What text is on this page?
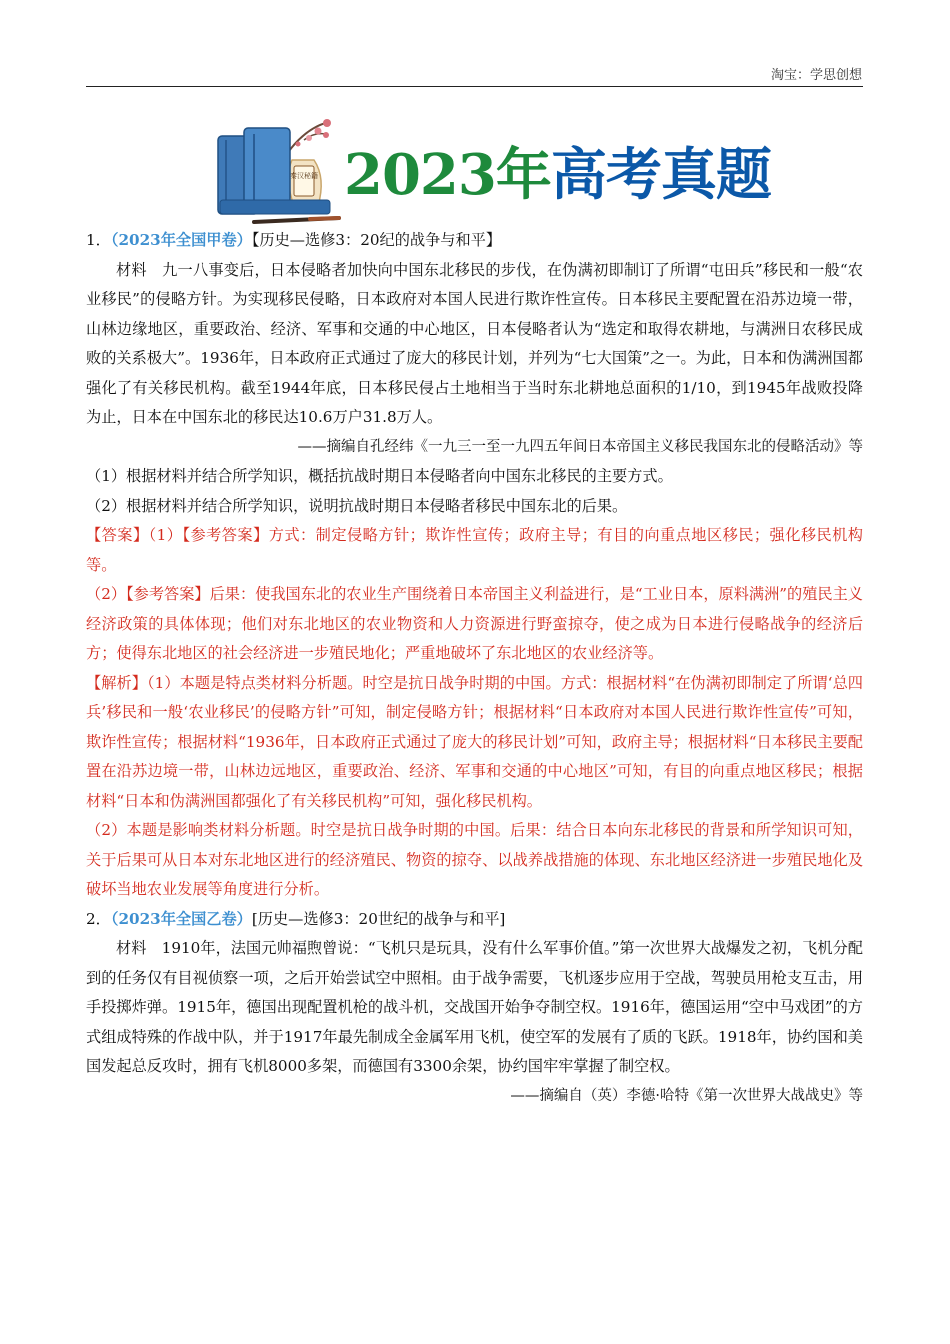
淘宝：学思创想
秦汉秘籍 2023年高考真题

1．（2023年全国甲卷）【历史—选修3：20纪的战争与和平】

材料　九一八事变后，日本侵略者加快向中国东北移民的步伐，在伪满初即制订了所谓“屯田兵”移民和一般“农业移民”的侵略方针。为实现移民侵略，日本政府对本国人民进行欺诈性宣传。日本移民主要配置在沿苏边境一带，山林边缘地区，重要政治、经济、军事和交通的中心地区，日本侵略者认为“选定和取得农耕地，与满洲日农移民成败的关系极大”。1936年，日本政府正式通过了庞大的移民计划，并列为“七大国策”之一。为此，日本和伪满洲国都强化了有关移民机构。截至1944年底，日本移民侵占土地相当于当时东北耕地总面积的1/10，到1945年战败投降为止，日本在中国东北的移民达10.6万户31.8万人。

——摘编自孔经纬《一九三一至一九四五年间日本帝国主义移民我国东北的侵略活动》等

（1）根据材料并结合所学知识，概括抗战时期日本侵略者向中国东北移民的主要方式。

（2）根据材料并结合所学知识，说明抗战时期日本侵略者移民中国东北的后果。

【答案】（1）【参考答案】方式：制定侵略方针；欺诈性宣传；政府主导；有目的向重点地区移民；强化移民机构等。

（2）【参考答案】后果：使我国东北的农业生产围绕着日本帝国主义利益进行，是“工业日本，原料满洲”的殖民主义经济政策的具体体现；他们对东北地区的农业物资和人力资源进行野蛮掠夺，使之成为日本进行侵略战争的经济后方；使得东北地区的社会经济进一步殖民地化；严重地破坏了东北地区的农业经济等。

【解析】（1）本题是特点类材料分析题。时空是抗日战争时期的中国。方式：根据材料“在伪满初即制定了所谓‘总四兵’移民和一般‘农业移民’的侵略方针”可知，制定侵略方针；根据材料“日本政府对本国人民进行欺诈性宣传”可知，欺诈性宣传；根据材料“1936年，日本政府正式通过了庞大的移民计划”可知，政府主导；根据材料“日本移民主要配置在沿苏边境一带，山林边远地区，重要政治、经济、军事和交通的中心地区”可知，有目的向重点地区移民；根据材料“日本和伪满洲国都强化了有关移民机构”可知，强化移民机构。

（2）本题是影响类材料分析题。时空是抗日战争时期的中国。后果：结合日本向东北移民的背景和所学知识可知，关于后果可从日本对东北地区进行的经济殖民、物资的掠夺、以战养战措施的体现、东北地区经济进一步殖民地化及破坏当地农业发展等角度进行分析。

2．（2023年全国乙卷）[历史—选修3：20世纪的战争与和平]

材料　1910年，法国元帅福煦曾说：“飞机只是玩具，没有什么军事价值。”第一次世界大战爆发之初，飞机分配到的任务仅有目视侦察一项，之后开始尝试空中照相。由于战争需要，飞机逐步应用于空战，驾驶员用枪支互击，用手投掷炸弹。1915年，德国出现配置机枪的战斗机，交战国开始争夺制空权。1916年，德国运用“空中马戏团”的方式组成特殊的作战中队，并于1917年最先制成全金属军用飞机，使空军的发展有了质的飞跃。1918年，协约国和美国发起总反攻时，拥有飞机8000多架，而德国有3300余架，协约国牢牢掌握了制空权。

——摘编自（英）李德·哈特《第一次世界大战战史》等
